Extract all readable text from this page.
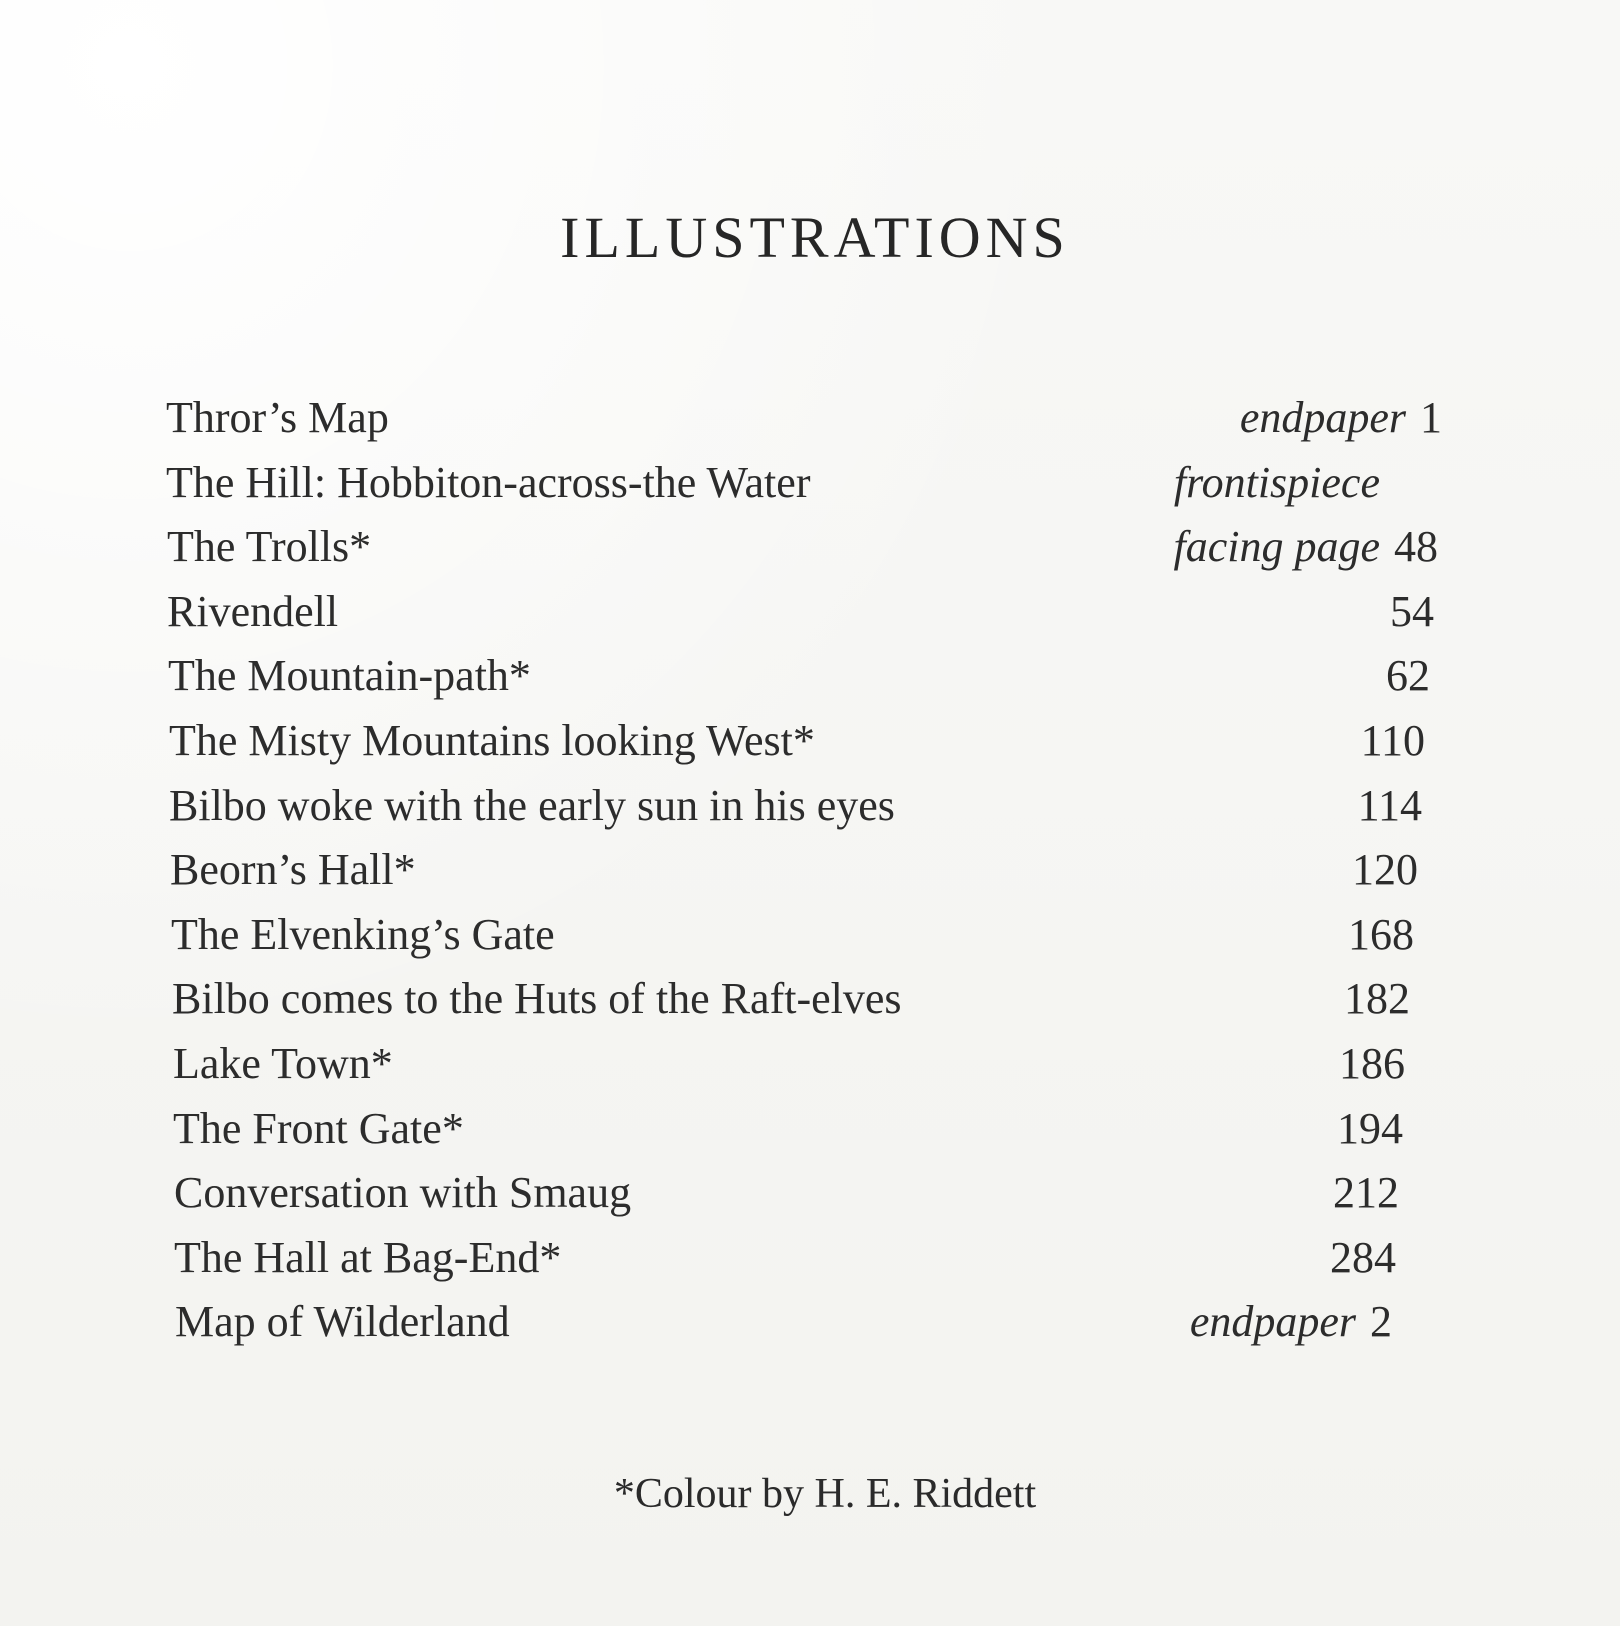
ILLUSTRATIONS
Thror’s Map	endpaper 1
The Hill: Hobbiton-across-the Water	frontispiece
The Trolls*	facing page 48
Rivendell	54
The Mountain-path*	62
The Misty Mountains looking West*	110
Bilbo woke with the early sun in his eyes	114
Beorn’s Hall*	120
The Elvenking’s Gate	168
Bilbo comes to the Huts of the Raft-elves	182
Lake Town*	186
The Front Gate*	194
Conversation with Smaug	212
The Hall at Bag-End*	284
Map of Wilderland	endpaper 2
*Colour by H. E. Riddett
